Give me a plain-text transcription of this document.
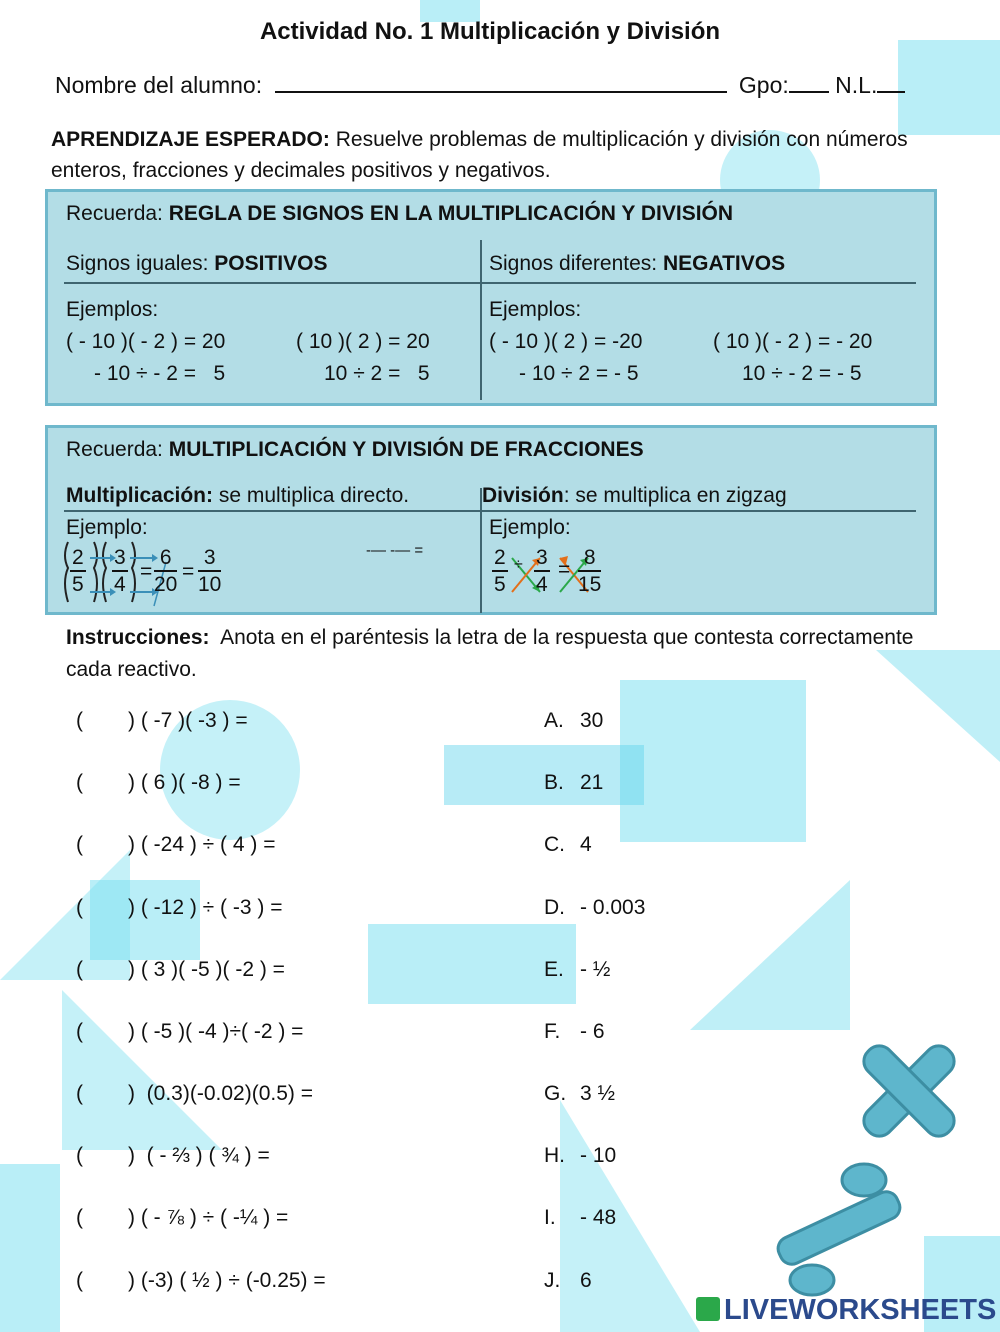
Actividad No. 1 Multiplicación y División
Nombre del alumno:	Gpo: N.L.
APRENDIZAJE ESPERADO: Resuelve problemas de multiplicación y división con números enteros, fracciones y decimales positivos y negativos.
Recuerda: REGLA DE SIGNOS EN LA MULTIPLICACIÓN Y DIVISIÓN
Signos iguales: POSITIVOS	Signos diferentes: NEGATIVOS
Ejemplos:	Ejemplos:
( - 10 )( - 2 ) = 20	( 10 )( 2 ) = 20
- 10 ÷ - 2 =   5	10 ÷ 2 =   5
( - 10 )( 2 ) = -20	( 10 )( - 2 ) = - 20
- 10 ÷ 2 = - 5	10 ÷ - 2 = - 5
Recuerda: MULTIPLICACIÓN Y DIVISIÓN DE FRACCIONES
Multiplicación: se multiplica directo.	División: se multiplica en zigzag
Ejemplo:	Ejemplo:
$\frac{2}{5} \frac{3}{4} = \frac{6}{20} = \frac{3}{10}$	-— -— =	$\frac{2}{5} \div \frac{3}{4} = \frac{8}{15}$
Instrucciones: Anota en el paréntesis la letra de la respuesta que contesta correctamente cada reactivo.
( ) ( -7 )( -3 ) =
( ) ( 6 )( -8 ) =
( ) ( -24 ) ÷ ( 4 ) =
( ) ( -12 ) ÷ ( -3 ) =
( ) ( 3 )( -5 )( -2 ) =
( ) ( -5 )( -4 )÷( -2 ) =
( )  (0.3)(-0.02)(0.5) =
( )  ( - ⅔ ) ( ¾ ) =
( ) ( - ⅞ ) ÷ ( -¼ ) =
( ) (-3) ( ½ ) ÷ (-0.25) =
A. 30
B. 21
C. 4
D. - 0.003
E. - ½
F. - 6
G. 3 ½
H. - 10
I. - 48
J. 6
LIVEWORKSHEETS
